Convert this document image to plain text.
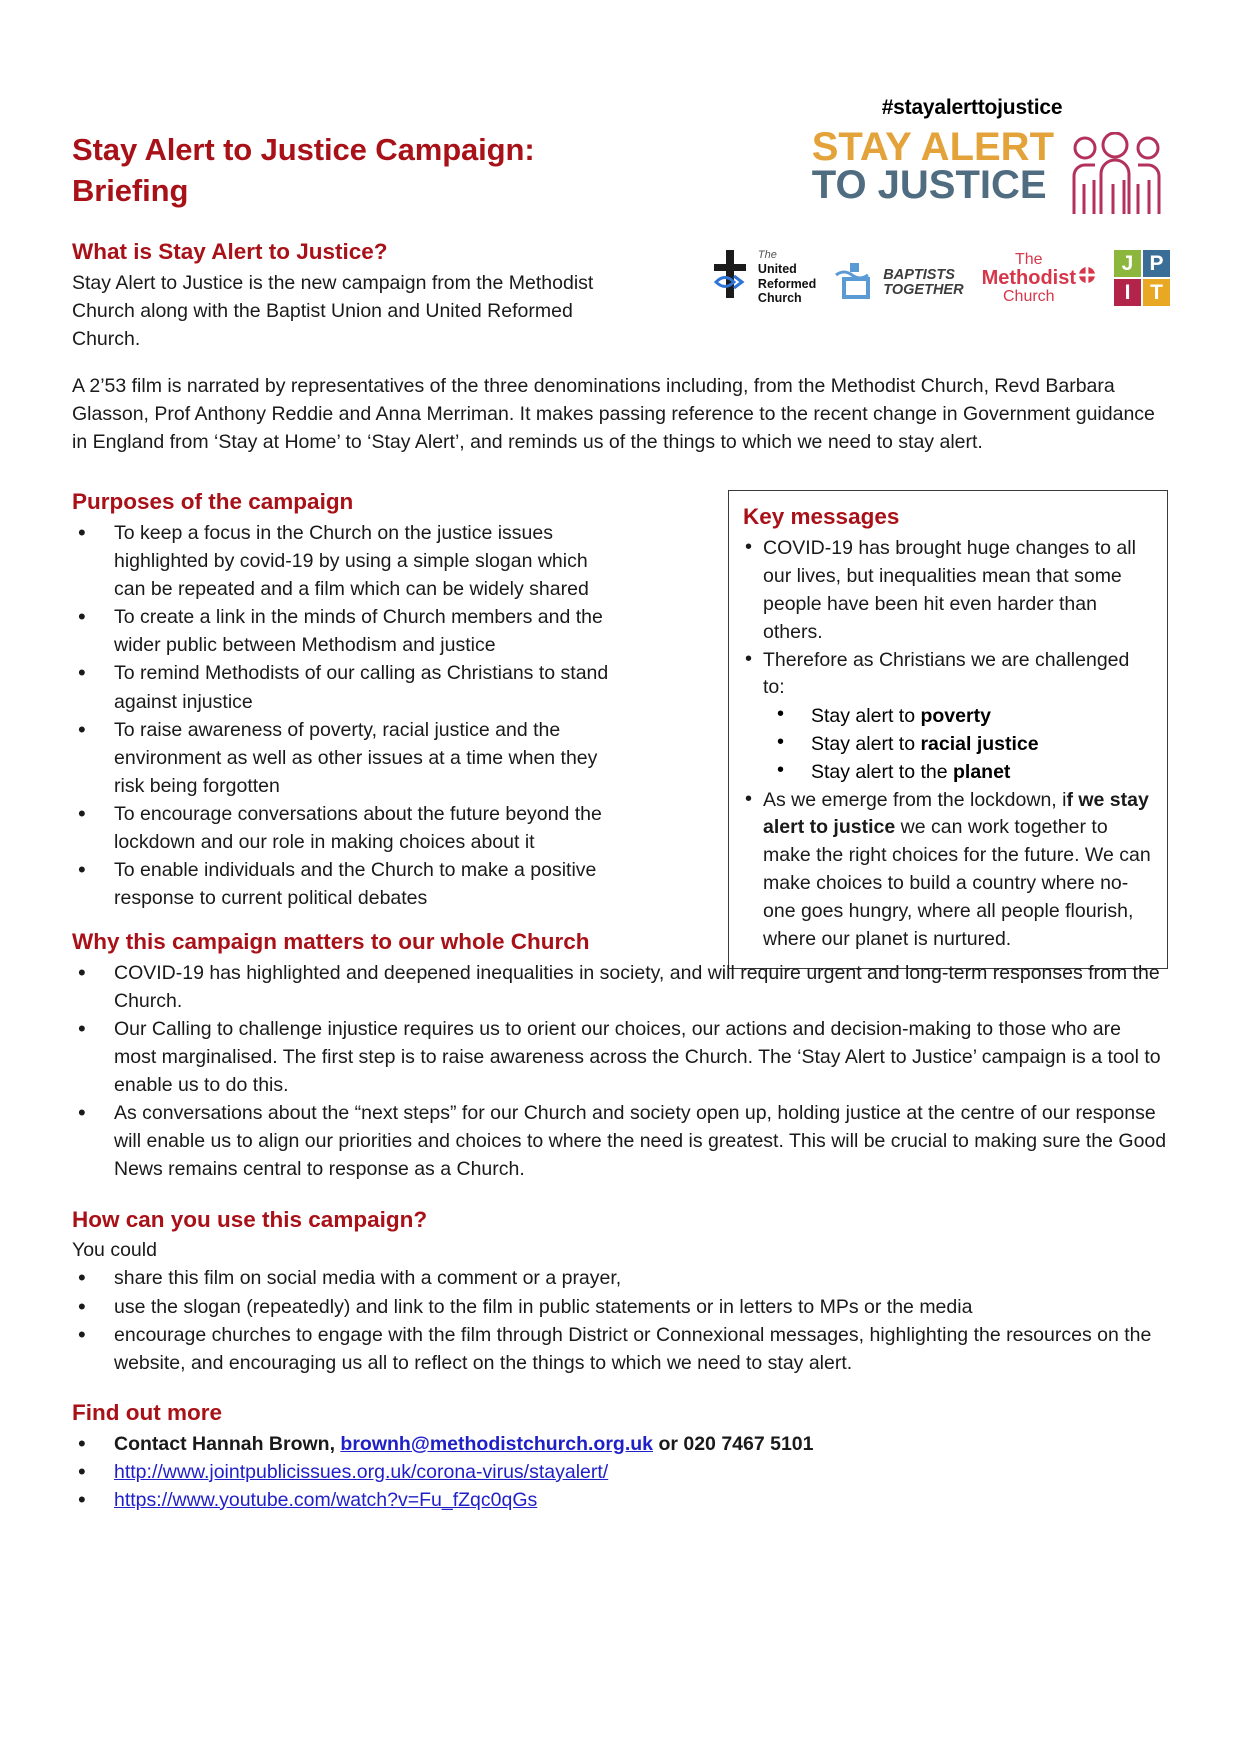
Stay Alert to Justice Campaign: Briefing
What is Stay Alert to Justice?
Stay Alert to Justice is the new campaign from the Methodist Church along with the Baptist Union and United Reformed Church.
#stayalerttojustice
STAY ALERT
TO JUSTICE
The
United
Reformed
Church
BAPTISTS
TOGETHER
The
Methodist
Church
J P
I T
A 2’53 film is narrated by representatives of the three denominations including, from the Methodist Church, Revd Barbara Glasson, Prof Anthony Reddie and Anna Merriman. It makes passing reference to the recent change in Government guidance in England from ‘Stay at Home’ to ‘Stay Alert’, and reminds us of the things to which we need to stay alert.
Purposes of the campaign
• To keep a focus in the Church on the justice issues highlighted by covid-19 by using a simple slogan which can be repeated and a film which can be widely shared
• To create a link in the minds of Church members and the wider public between Methodism and justice
• To remind Methodists of our calling as Christians to stand against injustice
• To raise awareness of poverty, racial justice and the environment as well as other issues at a time when they risk being forgotten
• To encourage conversations about the future beyond the lockdown and our role in making choices about it
• To enable individuals and the Church to make a positive response to current political debates
Key messages
• COVID-19 has brought huge changes to all our lives, but inequalities mean that some people have been hit even harder than others.
• Therefore as Christians we are challenged to:
• Stay alert to poverty
• Stay alert to racial justice
• Stay alert to the planet
• As we emerge from the lockdown, if we stay alert to justice we can work together to make the right choices for the future. We can make choices to build a country where no-one goes hungry, where all people flourish, where our planet is nurtured.
Why this campaign matters to our whole Church
• COVID-19 has highlighted and deepened inequalities in society, and will require urgent and long-term responses from the Church.
• Our Calling to challenge injustice requires us to orient our choices, our actions and decision-making to those who are most marginalised. The first step is to raise awareness across the Church. The ‘Stay Alert to Justice’ campaign is a tool to enable us to do this.
• As conversations about the “next steps” for our Church and society open up, holding justice at the centre of our response will enable us to align our priorities and choices to where the need is greatest. This will be crucial to making sure the Good News remains central to response as a Church.
How can you use this campaign?
You could
• share this film on social media with a comment or a prayer,
• use the slogan (repeatedly) and link to the film in public statements or in letters to MPs or the media
• encourage churches to engage with the film through District or Connexional messages, highlighting the resources on the website, and encouraging us all to reflect on the things to which we need to stay alert.
Find out more
• Contact Hannah Brown, brownh@methodistchurch.org.uk or 020 7467 5101
• http://www.jointpublicissues.org.uk/corona-virus/stayalert/
• https://www.youtube.com/watch?v=Fu_fZqc0qGs
